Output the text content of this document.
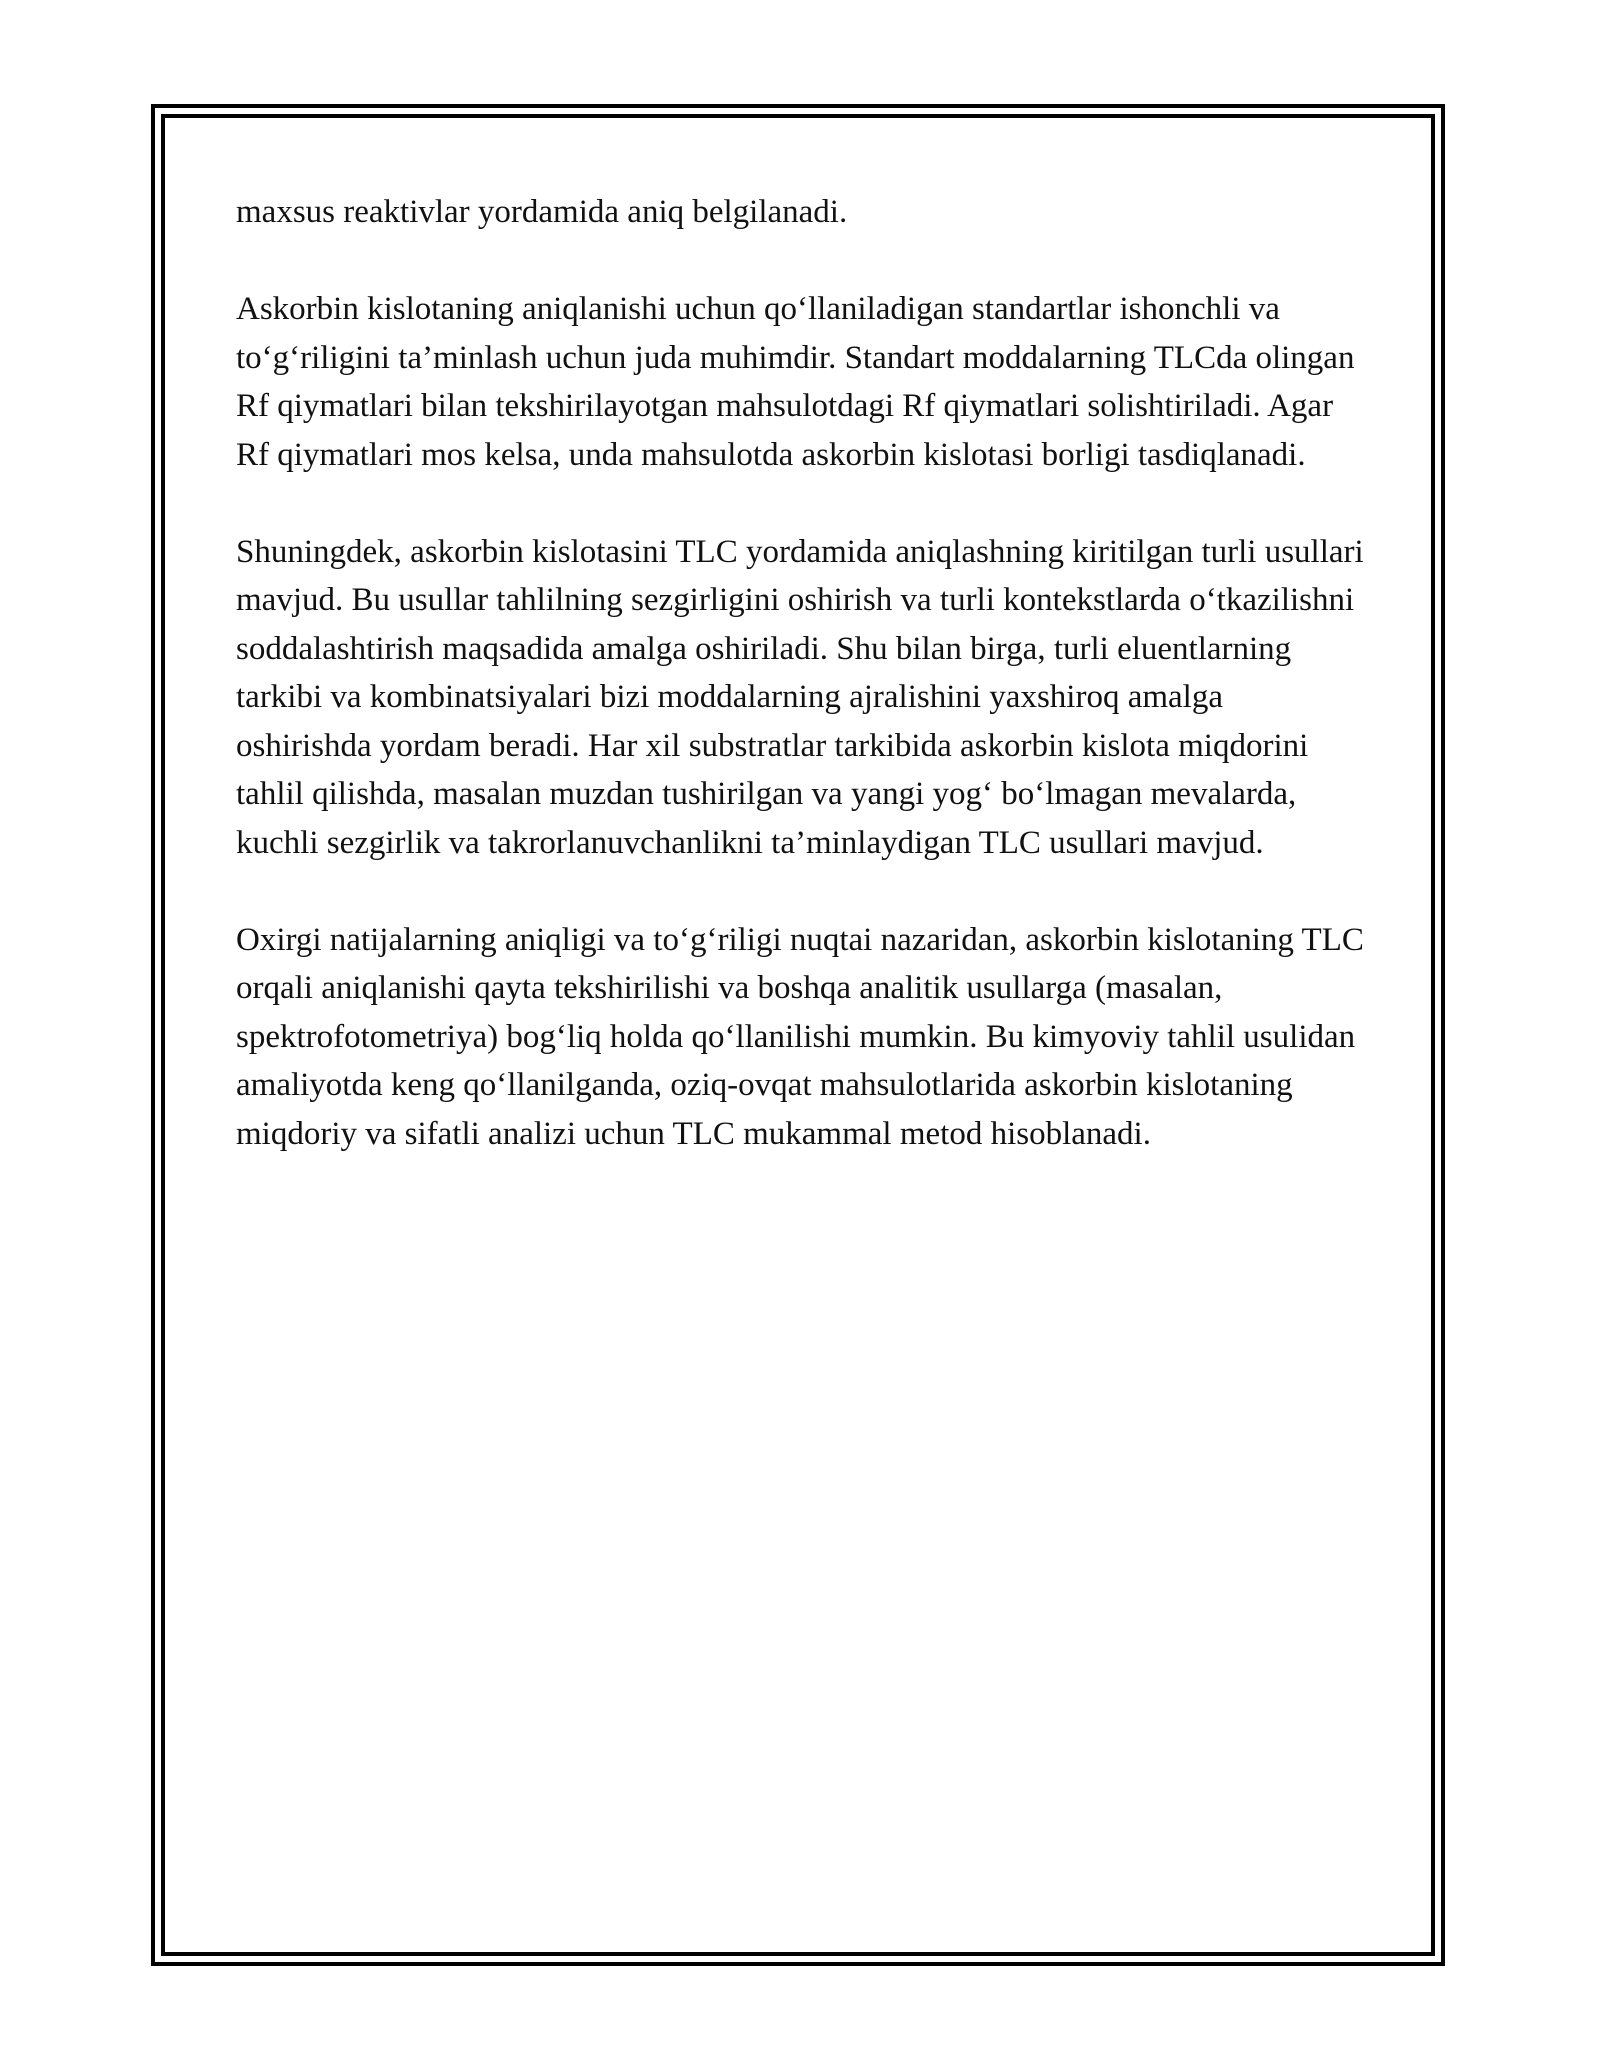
maxsus reaktivlar yordamida aniq belgilanadi.

Askorbin kislotaning aniqlanishi uchun qo‘llaniladigan standartlar ishonchli va to‘g‘riligini ta’minlash uchun juda muhimdir. Standart moddalarning TLCda olingan Rf qiymatlari bilan tekshirilayotgan mahsulotdagi Rf qiymatlari solishtiriladi. Agar Rf qiymatlari mos kelsa, unda mahsulotda askorbin kislotasi borligi tasdiqlanadi.

Shuningdek, askorbin kislotasini TLC yordamida aniqlashning kiritilgan turli usullari mavjud. Bu usullar tahlilning sezgirligini oshirish va turli kontekstlarda o‘tkazilishni soddalashtirish maqsadida amalga oshiriladi. Shu bilan birga, turli eluentlarning tarkibi va kombinatsiyalari bizi moddalarning ajralishini yaxshiroq amalga oshirishda yordam beradi. Har xil substratlar tarkibida askorbin kislota miqdorini tahlil qilishda, masalan muzdan tushirilgan va yangi yog‘ bo‘lmagan mevalarda, kuchli sezgirlik va takrorlanuvchanlikni ta’minlaydigan TLC usullari mavjud.

Oxirgi natijalarning aniqligi va to‘g‘riligi nuqtai nazaridan, askorbin kislotaning TLC orqali aniqlanishi qayta tekshirilishi va boshqa analitik usullarga (masalan, spektrofotometriya) bog‘liq holda qo‘llanilishi mumkin. Bu kimyoviy tahlil usulidan amaliyotda keng qo‘llanilganda, oziq-ovqat mahsulotlarida askorbin kislotaning miqdoriy va sifatli analizi uchun TLC mukammal metod hisoblanadi.
